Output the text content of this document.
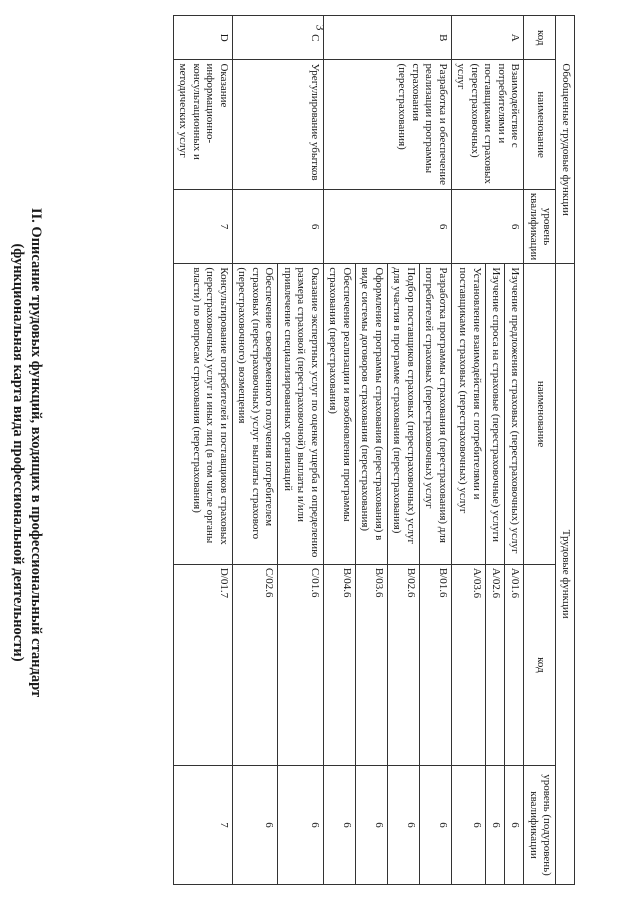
3
II. Описание трудовых функций, входящих в профессиональный стандарт
(функциональная карта вида профессиональной деятельности)
Обобщенные трудовые функции			Трудовые функции		
код	наименование	уровень квалификации	наименование	код	уровень (подуровень) квалификации
A	Взаимодействие с потребителями и поставщиками страховых (перестраховочных) услуг	6	Изучение предложения страховых (перестраховочных) услуг	A/01.6	6
			Изучение спроса на страховые (перестраховочные) услуги	A/02.6	6
			Установление взаимодействия с потребителями и поставщиками страховых (перестраховочных) услуг	A/03.6	6
B	Разработка и обеспечение реализации программы страхования (перестрахования)	6	Разработка программы страхования (перестрахования) для потребителей страховых (перестраховочных) услуг	B/01.6	6
			Подбор поставщиков страховых (перестраховочных) услуг для участия в программе страхования (перестрахования)	B/02.6	6
			Оформление программы страхования (перестрахования) в виде системы договоров страхования (перестрахования)	B/03.6	6
			Обеспечение реализации и возобновления программы страхования (перестрахования)	B/04.6	6
C	Урегулирование убытков	6	Оказание экспертных услуг по оценке ущерба и определению размера страховой (перестраховочной) выплаты и/или привлечение специализированных организаций	C/01.6	6
			Обеспечение своевременного получения потребителем страховых (перестраховочных) услуг выплаты страхового (перестраховочного) возмещения	C/02.6	6
D	Оказание информационно-консультационных и методических услуг	7	Консультирование потребителей и поставщиков страховых (перестраховочных) услуг и иных лиц (в том числе органы власти) по вопросам страхования (перестрахования)	D/01.7	7
